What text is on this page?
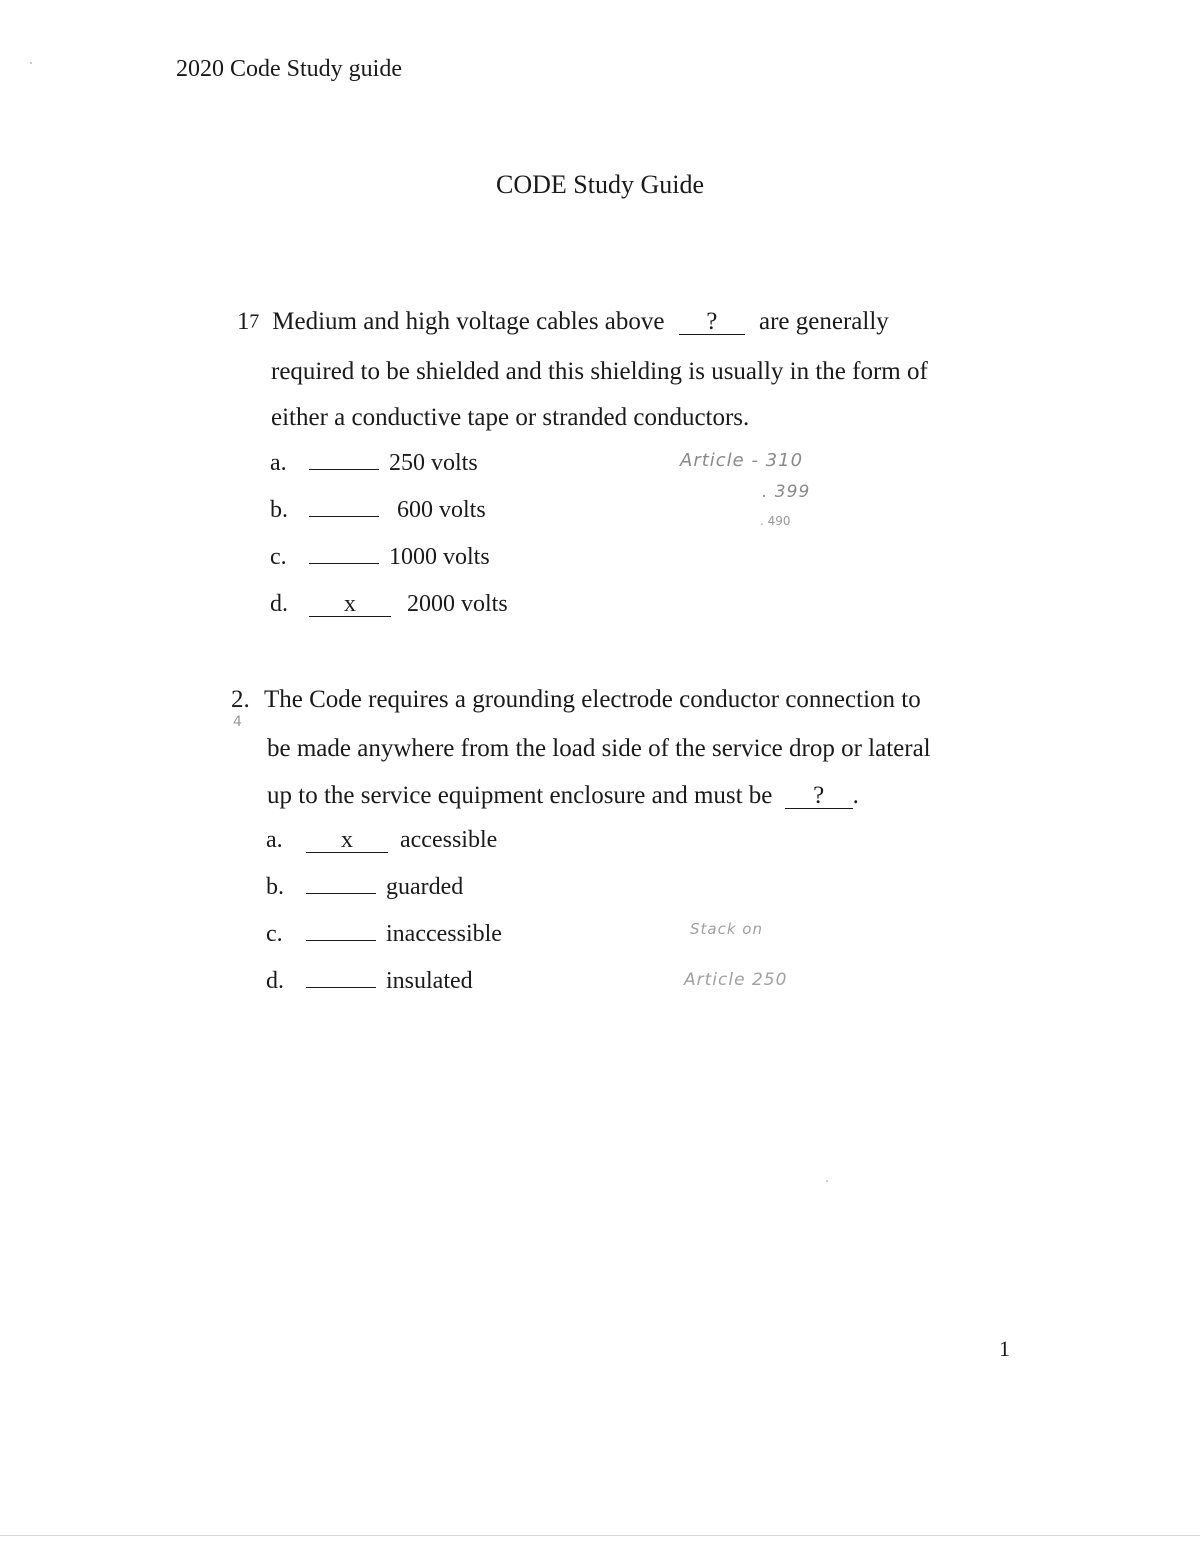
2020 Code Study guide
CODE Study Guide
17 Medium and high voltage cables above ? are generally
required to be shielded and this shielding is usually in the form of
either a conductive tape or stranded conductors.
a.	250 volts
b.	600 volts
c.	1000 volts
d. x 2000 volts
Article - 310
. 399
. 490
2. The Code requires a grounding electrode conductor connection to
4
be made anywhere from the load side of the service drop or lateral
up to the service equipment enclosure and must be ? .
a. x accessible
b.	guarded
c.	inaccessible
d.	insulated
Stack on
Article 250
1
